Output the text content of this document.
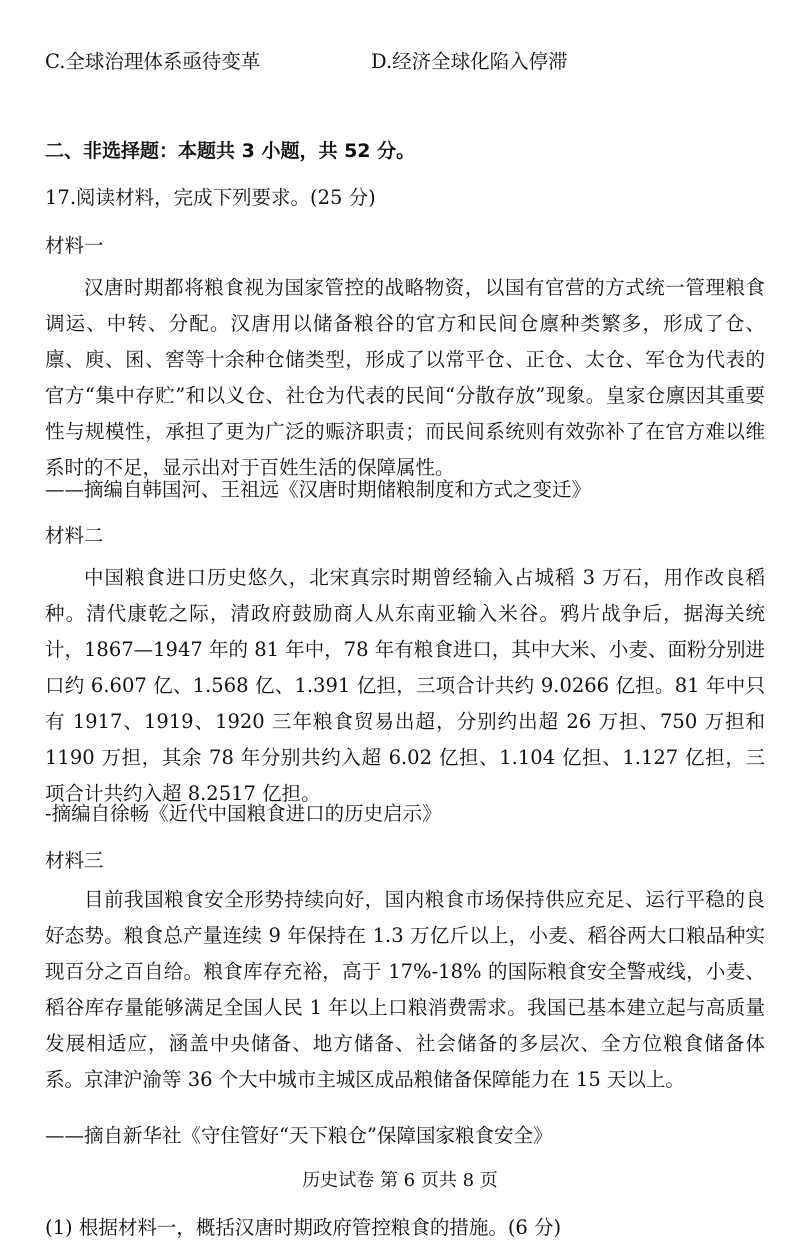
C.全球治理体系亟待变革	D.经济全球化陷入停滞
二、非选择题：本题共 3 小题，共 52 分。
17.阅读材料，完成下列要求。(25 分)
材料一

汉唐时期都将粮食视为国家管控的战略物资，以国有官营的方式统一管理粮食调运、中转、分配。汉唐用以储备粮谷的官方和民间仓廪种类繁多，形成了仓、廪、庾、囷、窖等十余种仓储类型，形成了以常平仓、正仓、太仓、军仓为代表的官方“集中存贮”和以义仓、社仓为代表的民间“分散存放”现象。皇家仓廪因其重要性与规模性，承担了更为广泛的赈济职责；而民间系统则有效弥补了在官方难以维系时的不足，显示出对于百姓生活的保障属性。

——摘编自韩国河、王祖远《汉唐时期储粮制度和方式之变迁》
材料二

中国粮食进口历史悠久，北宋真宗时期曾经输入占城稻 3 万石，用作改良稻种。清代康乾之际，清政府鼓励商人从东南亚输入米谷。鸦片战争后，据海关统计，1867—1947 年的 81 年中，78 年有粮食进口，其中大米、小麦、面粉分别进口约 6.607 亿、1.568 亿、1.391 亿担，三项合计共约 9.0266 亿担。81 年中只有 1917、1919、1920 三年粮食贸易出超，分别约出超 26 万担、750 万担和 1190 万担，其余 78 年分别共约入超 6.02 亿担、1.104 亿担、1.127 亿担，三项合计共约入超 8.2517 亿担。

-摘编自徐畅《近代中国粮食进口的历史启示》
材料三

目前我国粮食安全形势持续向好，国内粮食市场保持供应充足、运行平稳的良好态势。粮食总产量连续 9 年保持在 1.3 万亿斤以上，小麦、稻谷两大口粮品种实现百分之百自给。粮食库存充裕，高于 17%-18% 的国际粮食安全警戒线，小麦、稻谷库存量能够满足全国人民 1 年以上口粮消费需求。我国已基本建立起与高质量发展相适应，涵盖中央储备、地方储备、社会储备的多层次、全方位粮食储备体系。京津沪渝等 36 个大中城市主城区成品粮储备保障能力在 15 天以上。

——摘自新华社《守住管好“天下粮仓”保障国家粮食安全》
历史试卷 第 6 页共 8 页
(1) 根据材料一，概括汉唐时期政府管控粮食的措施。(6 分)
